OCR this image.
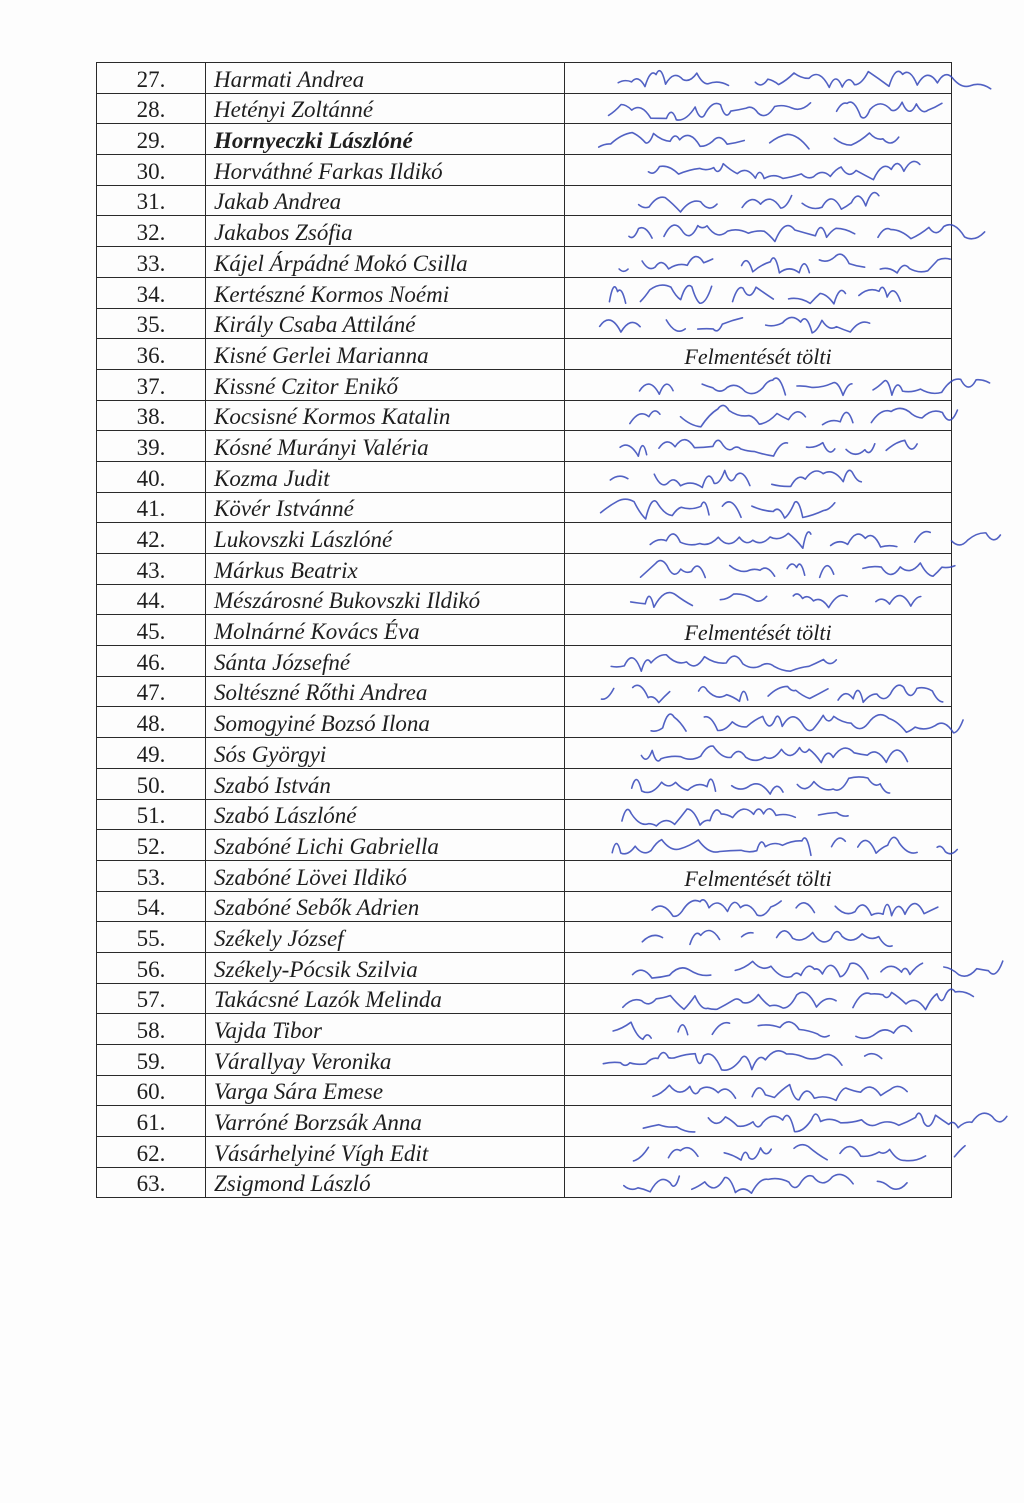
27.	Harmati Andrea	

28.	Hetényi Zoltánné	

29.	Hornyeczki Lászlóné	

30.	Horváthné Farkas Ildikó	

31.	Jakab Andrea	

32.	Jakabos Zsófia	

33.	Kájel Árpádné Mokó Csilla	

34.	Kertészné Kormos Noémi	

35.	Király Csaba Attiláné	

36.	Kisné Gerlei Marianna	Felmentését tölti
37.	Kissné Czitor Enikő	

38.	Kocsisné Kormos Katalin	

39.	Kósné Murányi Valéria	

40.	Kozma Judit	

41.	Kövér Istvánné	

42.	Lukovszki Lászlóné	

43.	Márkus Beatrix	

44.	Mészárosné Bukovszki Ildikó	

45.	Molnárné Kovács Éva	Felmentését tölti
46.	Sánta Józsefné	

47.	Soltészné Rőthi Andrea	

48.	Somogyiné Bozsó Ilona	

49.	Sós Györgyi	

50.	Szabó István	

51.	Szabó Lászlóné	

52.	Szabóné Lichi Gabriella	

53.	Szabóné Lövei Ildikó	Felmentését tölti
54.	Szabóné Sebők Adrien	

55.	Székely József	

56.	Székely-Pócsik Szilvia	

57.	Takácsné Lazók Melinda	

58.	Vajda Tibor	

59.	Várallyay Veronika	

60.	Varga Sára Emese	

61.	Varróné Borzsák Anna	

62.	Vásárhelyiné Vígh Edit	

63.	Zsigmond László	
